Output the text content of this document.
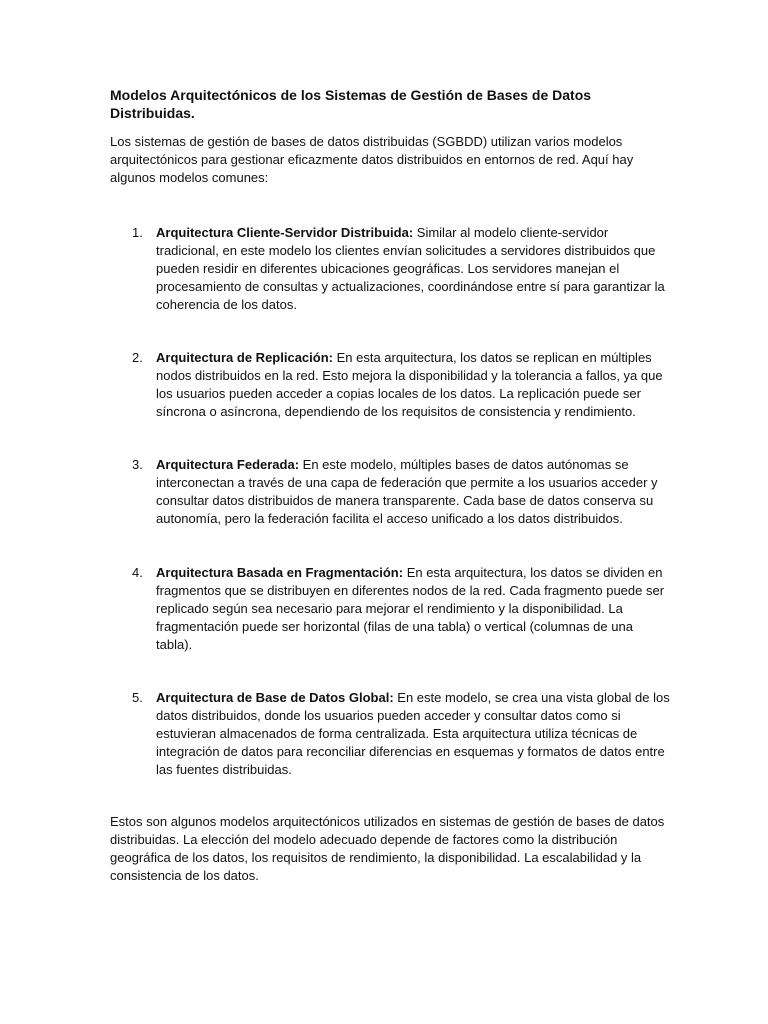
Modelos Arquitectónicos de los Sistemas de Gestión de Bases de Datos Distribuidas.

Los sistemas de gestión de bases de datos distribuidas (SGBDD) utilizan varios modelos arquitectónicos para gestionar eficazmente datos distribuidos en entornos de red. Aquí hay algunos modelos comunes:

1.	Arquitectura Cliente-Servidor Distribuida: Similar al modelo cliente-servidor tradicional, en este modelo los clientes envían solicitudes a servidores distribuidos que pueden residir en diferentes ubicaciones geográficas. Los servidores manejan el procesamiento de consultas y actualizaciones, coordinándose entre sí para garantizar la coherencia de los datos.
2.	Arquitectura de Replicación: En esta arquitectura, los datos se replican en múltiples nodos distribuidos en la red. Esto mejora la disponibilidad y la tolerancia a fallos, ya que los usuarios pueden acceder a copias locales de los datos. La replicación puede ser síncrona o asíncrona, dependiendo de los requisitos de consistencia y rendimiento.
3.	Arquitectura Federada: En este modelo, múltiples bases de datos autónomas se interconectan a través de una capa de federación que permite a los usuarios acceder y consultar datos distribuidos de manera transparente. Cada base de datos conserva su autonomía, pero la federación facilita el acceso unificado a los datos distribuidos.
4.	Arquitectura Basada en Fragmentación: En esta arquitectura, los datos se dividen en fragmentos que se distribuyen en diferentes nodos de la red. Cada fragmento puede ser replicado según sea necesario para mejorar el rendimiento y la disponibilidad. La fragmentación puede ser horizontal (filas de una tabla) o vertical (columnas de una tabla).
5.	Arquitectura de Base de Datos Global: En este modelo, se crea una vista global de los datos distribuidos, donde los usuarios pueden acceder y consultar datos como si estuvieran almacenados de forma centralizada. Esta arquitectura utiliza técnicas de integración de datos para reconciliar diferencias en esquemas y formatos de datos entre las fuentes distribuidas.

Estos son algunos modelos arquitectónicos utilizados en sistemas de gestión de bases de datos distribuidas. La elección del modelo adecuado depende de factores como la distribución geográfica de los datos, los requisitos de rendimiento, la disponibilidad. La escalabilidad y la consistencia de los datos.
